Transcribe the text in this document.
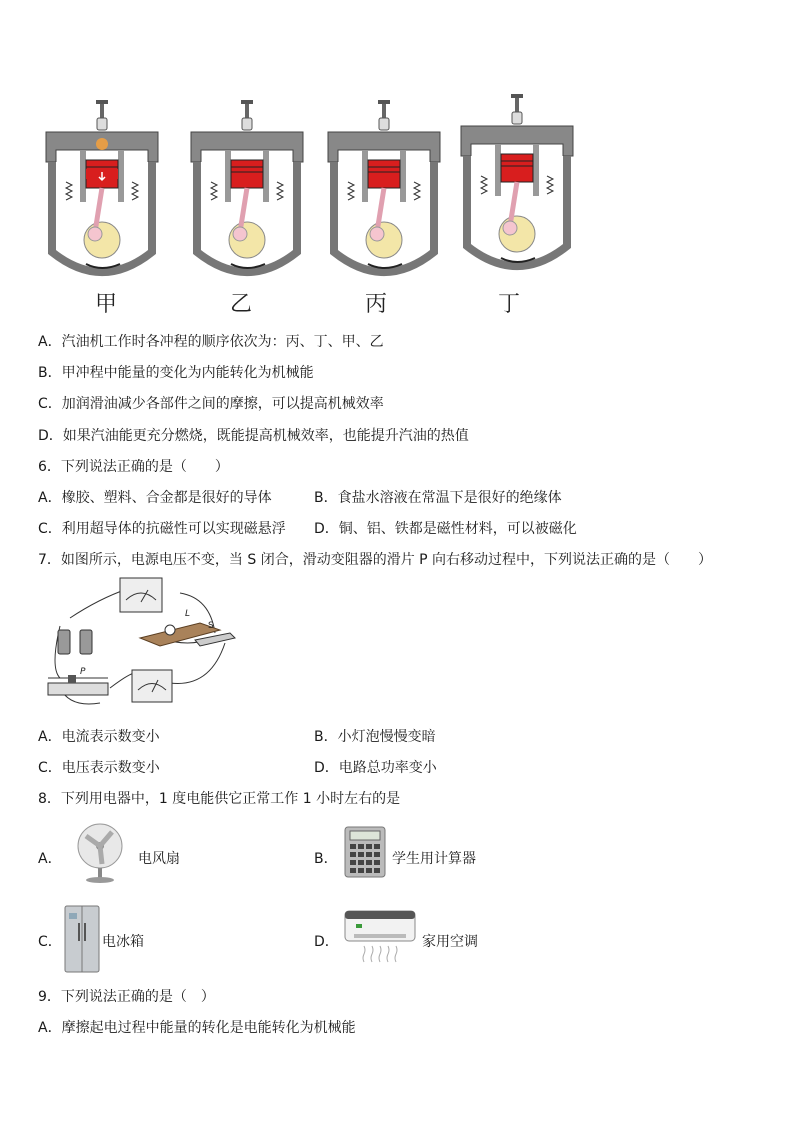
甲	乙	丙	丁
A．汽油机工作时各冲程的顺序依次为：丙、丁、甲、乙
B．甲冲程中能量的变化为内能转化为机械能
C．加润滑油减少各部件之间的摩擦，可以提高机械效率
D．如果汽油能更充分燃烧，既能提高机械效率，也能提升汽油的热值
6．下列说法正确的是（　　）
A．橡胶、塑料、合金都是很好的导体	B．食盐水溶液在常温下是很好的绝缘体
C．利用超导体的抗磁性可以实现磁悬浮 D．铜、铝、铁都是磁性材料，可以被磁化
7．如图所示，电源电压不变，当 S 闭合，滑动变阻器的滑片 P 向右移动过程中，下列说法正确的是（　　）
L
S
P
A．电流表示数变小	B．小灯泡慢慢变暗
C．电压表示数变小	D．电路总功率变小
8．下列用电器中，1 度电能供它正常工作 1 小时左右的是
A．	电风扇	B．	学生用计算器
C．	电冰箱	D．	家用空调
9．下列说法正确的是（　）
A．摩擦起电过程中能量的转化是电能转化为机械能
